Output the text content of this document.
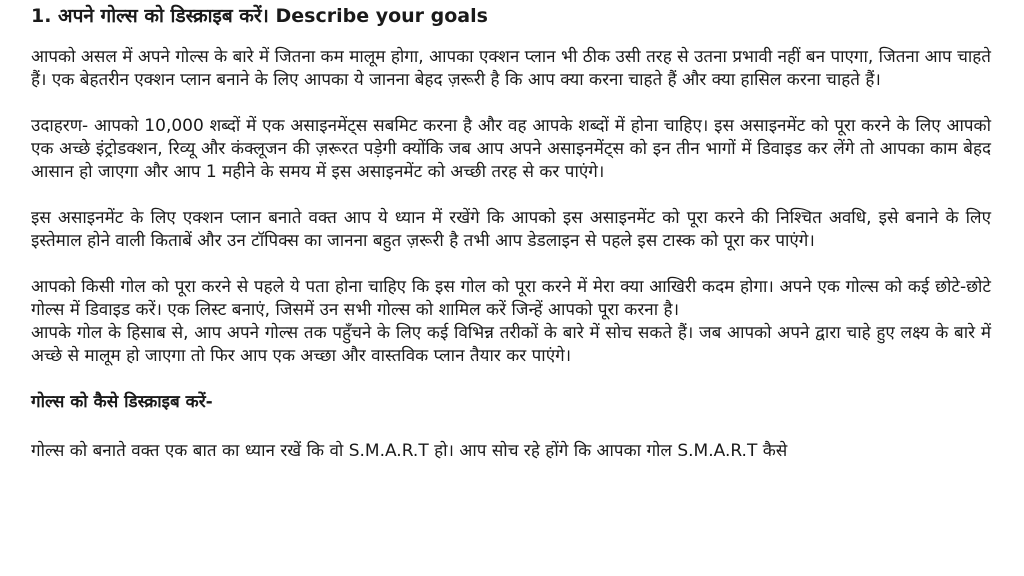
1. अपने गोल्स को डिस्क्राइब करें। Describe your goals

आपको असल में अपने गोल्स के बारे में जितना कम मालूम होगा, आपका एक्शन प्लान भी ठीक उसी तरह से उतना प्रभावी नहीं बन पाएगा, जितना आप चाहते हैं। एक बेहतरीन एक्शन प्लान बनाने के लिए आपका ये जानना बेहद ज़रूरी है कि आप क्या करना चाहते हैं और क्या हासिल करना चाहते हैं।

उदाहरण- आपको 10,000 शब्दों में एक असाइनमेंट्स सबमिट करना है और वह आपके शब्दों में होना चाहिए। इस असाइनमेंट को पूरा करने के लिए आपको एक अच्छे इंट्रोडक्शन, रिव्यू और कंक्लूजन की ज़रूरत पड़ेगी क्योंकि जब आप अपने असाइनमेंट्स को इन तीन भागों में डिवाइड कर लेंगे तो आपका काम बेहद आसान हो जाएगा और आप 1 महीने के समय में इस असाइनमेंट को अच्छी तरह से कर पाएंगे।

इस असाइनमेंट के लिए एक्शन प्लान बनाते वक्त आप ये ध्यान में रखेंगे कि आपको इस असाइनमेंट को पूरा करने की निश्चित अवधि, इसे बनाने के लिए इस्तेमाल होने वाली किताबें और उन टॉपिक्स का जानना बहुत ज़रूरी है तभी आप डेडलाइन से पहले इस टास्क को पूरा कर पाएंगे।

आपको किसी गोल को पूरा करने से पहले ये पता होना चाहिए कि इस गोल को पूरा करने में मेरा क्या आखिरी कदम होगा। अपने एक गोल्स को कई छोटे-छोटे गोल्स में डिवाइड करें। एक लिस्ट बनाएं, जिसमें उन सभी गोल्स को शामिल करें जिन्हें आपको पूरा करना है।

आपके गोल के हिसाब से, आप अपने गोल्स तक पहुँचने के लिए कई विभिन्न तरीकों के बारे में सोच सकते हैं। जब आपको अपने द्वारा चाहे हुए लक्ष्य के बारे में अच्छे से मालूम हो जाएगा तो फिर आप एक अच्छा और वास्तविक प्लान तैयार कर पाएंगे।

गोल्स को कैसे डिस्क्राइब करें-

गोल्स को बनाते वक्त एक बात का ध्यान रखें कि वो S.M.A.R.T हो। आप सोच रहे होंगे कि आपका गोल S.M.A.R.T कैसे
